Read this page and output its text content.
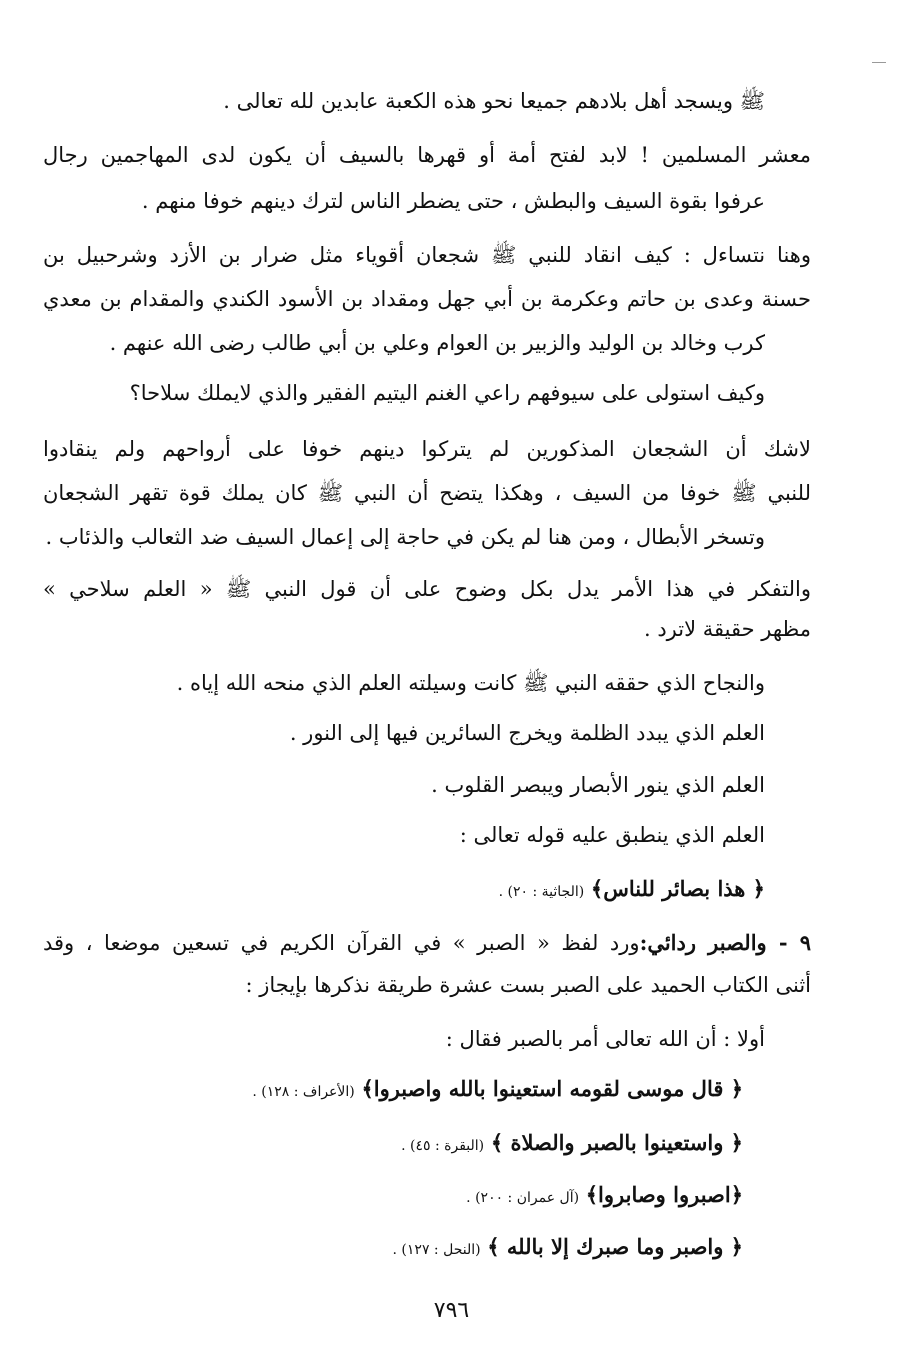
ﷺ ويسجد أهل بلادهم جميعا نحو هذه الكعبة عابدين لله تعالى .
معشر المسلمين ! لابد لفتح أمة أو قهرها بالسيف أن يكون لدى المهاجمين رجال
عرفوا بقوة السيف والبطش ، حتى يضطر الناس لترك دينهم خوفا منهم .
وهنا نتساءل : كيف انقاد للنبي ﷺ شجعان أقوياء مثل ضرار بن الأزد وشرحبيل بن
حسنة وعدى بن حاتم وعكرمة بن أبي جهل ومقداد بن الأسود الكندي والمقدام بن معدي
كرب وخالد بن الوليد والزبير بن العوام وعلي بن أبي طالب رضى الله عنهم .
وكيف استولى على سيوفهم راعي الغنم اليتيم الفقير والذي لايملك سلاحا؟
لاشك أن الشجعان المذكورين لم يتركوا دينهم خوفا على أرواحهم ولم ينقادوا
للنبي ﷺ خوفا من السيف ، وهكذا يتضح أن النبي ﷺ كان يملك قوة تقهر الشجعان
وتسخر الأبطال ، ومن هنا لم يكن في حاجة إلى إعمال السيف ضد الثعالب والذئاب .
والتفكر في هذا الأمر يدل بكل وضوح على أن قول النبي ﷺ « العلم سلاحي »
مظهر حقيقة لاترد .
والنجاح الذي حققه النبي ﷺ كانت وسيلته العلم الذي منحه الله إياه .
العلم الذي يبدد الظلمة ويخرج السائرين فيها إلى النور .
العلم الذي ينور الأبصار ويبصر القلوب .
العلم الذي ينطبق عليه قوله تعالى :
﴿ هذا بصائر للناس﴾ (الجاثية : ٢٠) .
٩ - والصبر ردائي:ورد لفظ « الصبر » في القرآن الكريم في تسعين موضعا ، وقد
أثنى الكتاب الحميد على الصبر بست عشرة طريقة نذكرها بإيجاز :
أولا : أن الله تعالى أمر بالصبر فقال :
﴿ قال موسى لقومه استعينوا بالله واصبروا﴾ (الأعراف : ١٢٨) .
﴿ واستعينوا بالصبر والصلاة ﴾ (البقرة : ٤٥) .
﴿اصبروا وصابروا﴾ (آل عمران : ٢٠٠) .
﴿ واصبر وما صبرك إلا بالله ﴾ (النحل : ١٢٧) .
٧٩٦
